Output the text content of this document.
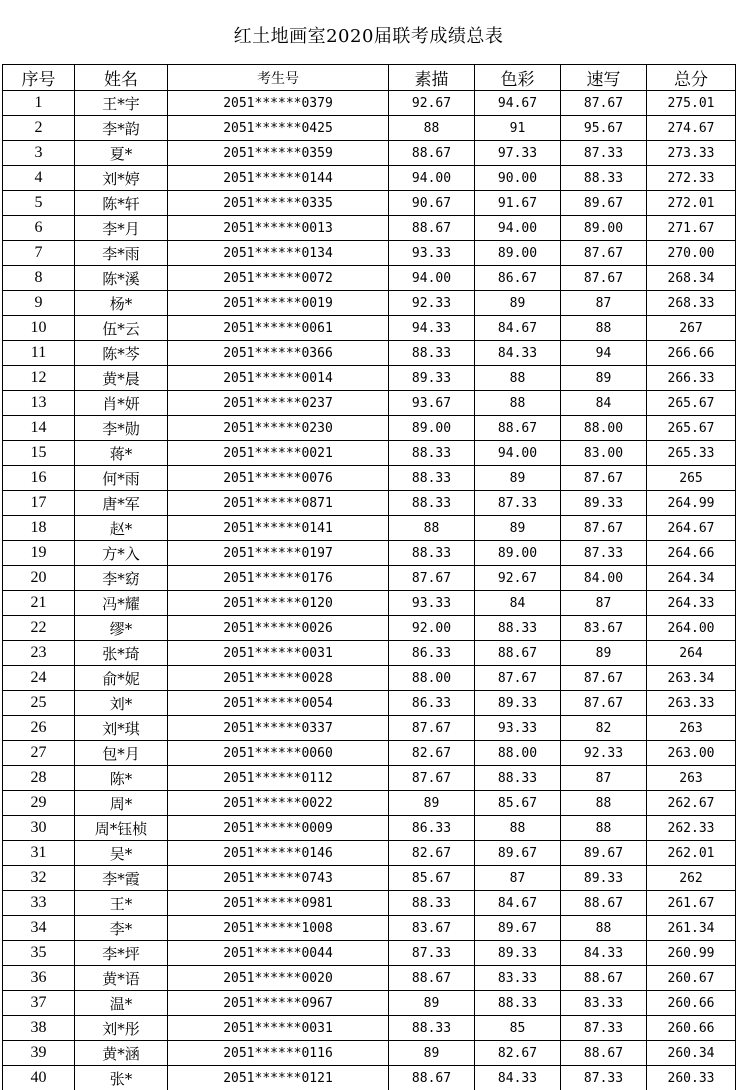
红土地画室2020届联考成绩总表
序号	姓名	考生号	素描	色彩	速写	总分
1	王*宇	2051******0379	92.67	94.67	87.67	275.01
2	李*韵	2051******0425	88	91	95.67	274.67
3	夏*	2051******0359	88.67	97.33	87.33	273.33
4	刘*婷	2051******0144	94.00	90.00	88.33	272.33
5	陈*轩	2051******0335	90.67	91.67	89.67	272.01
6	李*月	2051******0013	88.67	94.00	89.00	271.67
7	李*雨	2051******0134	93.33	89.00	87.67	270.00
8	陈*溪	2051******0072	94.00	86.67	87.67	268.34
9	杨*	2051******0019	92.33	89	87	268.33
10	伍*云	2051******0061	94.33	84.67	88	267
11	陈*芩	2051******0366	88.33	84.33	94	266.66
12	黄*晨	2051******0014	89.33	88	89	266.33
13	肖*妍	2051******0237	93.67	88	84	265.67
14	李*勋	2051******0230	89.00	88.67	88.00	265.67
15	蒋*	2051******0021	88.33	94.00	83.00	265.33
16	何*雨	2051******0076	88.33	89	87.67	265
17	唐*军	2051******0871	88.33	87.33	89.33	264.99
18	赵*	2051******0141	88	89	87.67	264.67
19	方*入	2051******0197	88.33	89.00	87.33	264.66
20	李*窈	2051******0176	87.67	92.67	84.00	264.34
21	冯*耀	2051******0120	93.33	84	87	264.33
22	缪*	2051******0026	92.00	88.33	83.67	264.00
23	张*琦	2051******0031	86.33	88.67	89	264
24	俞*妮	2051******0028	88.00	87.67	87.67	263.34
25	刘*	2051******0054	86.33	89.33	87.67	263.33
26	刘*琪	2051******0337	87.67	93.33	82	263
27	包*月	2051******0060	82.67	88.00	92.33	263.00
28	陈*	2051******0112	87.67	88.33	87	263
29	周*	2051******0022	89	85.67	88	262.67
30	周*钰桢	2051******0009	86.33	88	88	262.33
31	吴*	2051******0146	82.67	89.67	89.67	262.01
32	李*霞	2051******0743	85.67	87	89.33	262
33	王*	2051******0981	88.33	84.67	88.67	261.67
34	李*	2051******1008	83.67	89.67	88	261.34
35	李*坪	2051******0044	87.33	89.33	84.33	260.99
36	黄*语	2051******0020	88.67	83.33	88.67	260.67
37	温*	2051******0967	89	88.33	83.33	260.66
38	刘*彤	2051******0031	88.33	85	87.33	260.66
39	黄*涵	2051******0116	89	82.67	88.67	260.34
40	张*	2051******0121	88.67	84.33	87.33	260.33
